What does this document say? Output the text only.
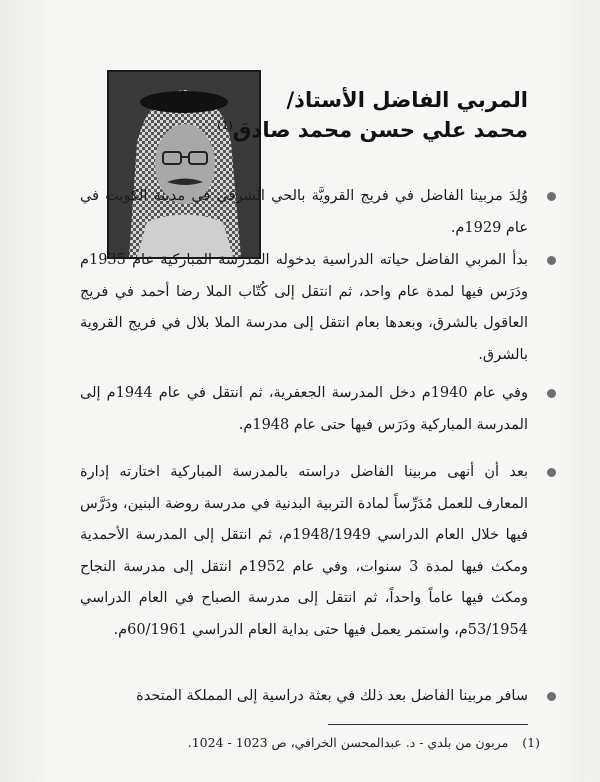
المربي الفاضل الأستاذ/
محمد علي حسن محمد صادق$^{(1)}$
وُلِدَ مربينا الفاضل في فريج القرويَّة بالحي الشرقي في مدينة الكويت في عام 1929م.
بدأ المربي الفاضل حياته الدراسية بدخوله المدرسة المباركية عام 1935م ودَرَس فيها لمدة عام واحد، ثم انتقل إلى كُتّاب الملا رضا أحمد في فريج العاقول بالشرق، وبعدها بعام انتقل إلى مدرسة الملا بلال في فريج القروية بالشرق.
وفي عام 1940م دخل المدرسة الجعفرية، ثم انتقل في عام 1944م إلى المدرسة المباركية ودَرَس فيها حتى عام 1948م.
بعد أن أنهى مربينا الفاضل دراسته بالمدرسة المباركية اختارته إدارة المعارف للعمل مُدَرِّساً لمادة التربية البدنية في مدرسة روضة البنين، ودَرَّس فيها خلال العام الدراسي 1948/1949م، ثم انتقل إلى المدرسة الأحمدية ومكث فيها لمدة 3 سنوات، وفي عام 1952م انتقل إلى مدرسة النجاح ومكث فيها عاماً واحداً، ثم انتقل إلى مدرسة الصباح في العام الدراسي 53/1954م، واستمر يعمل فيها حتى بداية العام الدراسي 60/1961م.
سافر مربينا الفاضل بعد ذلك في بعثة دراسية إلى المملكة المتحدة
(1)مربون من بلدي - د. عبدالمحسن الخرافي، ص 1023 - 1024.
